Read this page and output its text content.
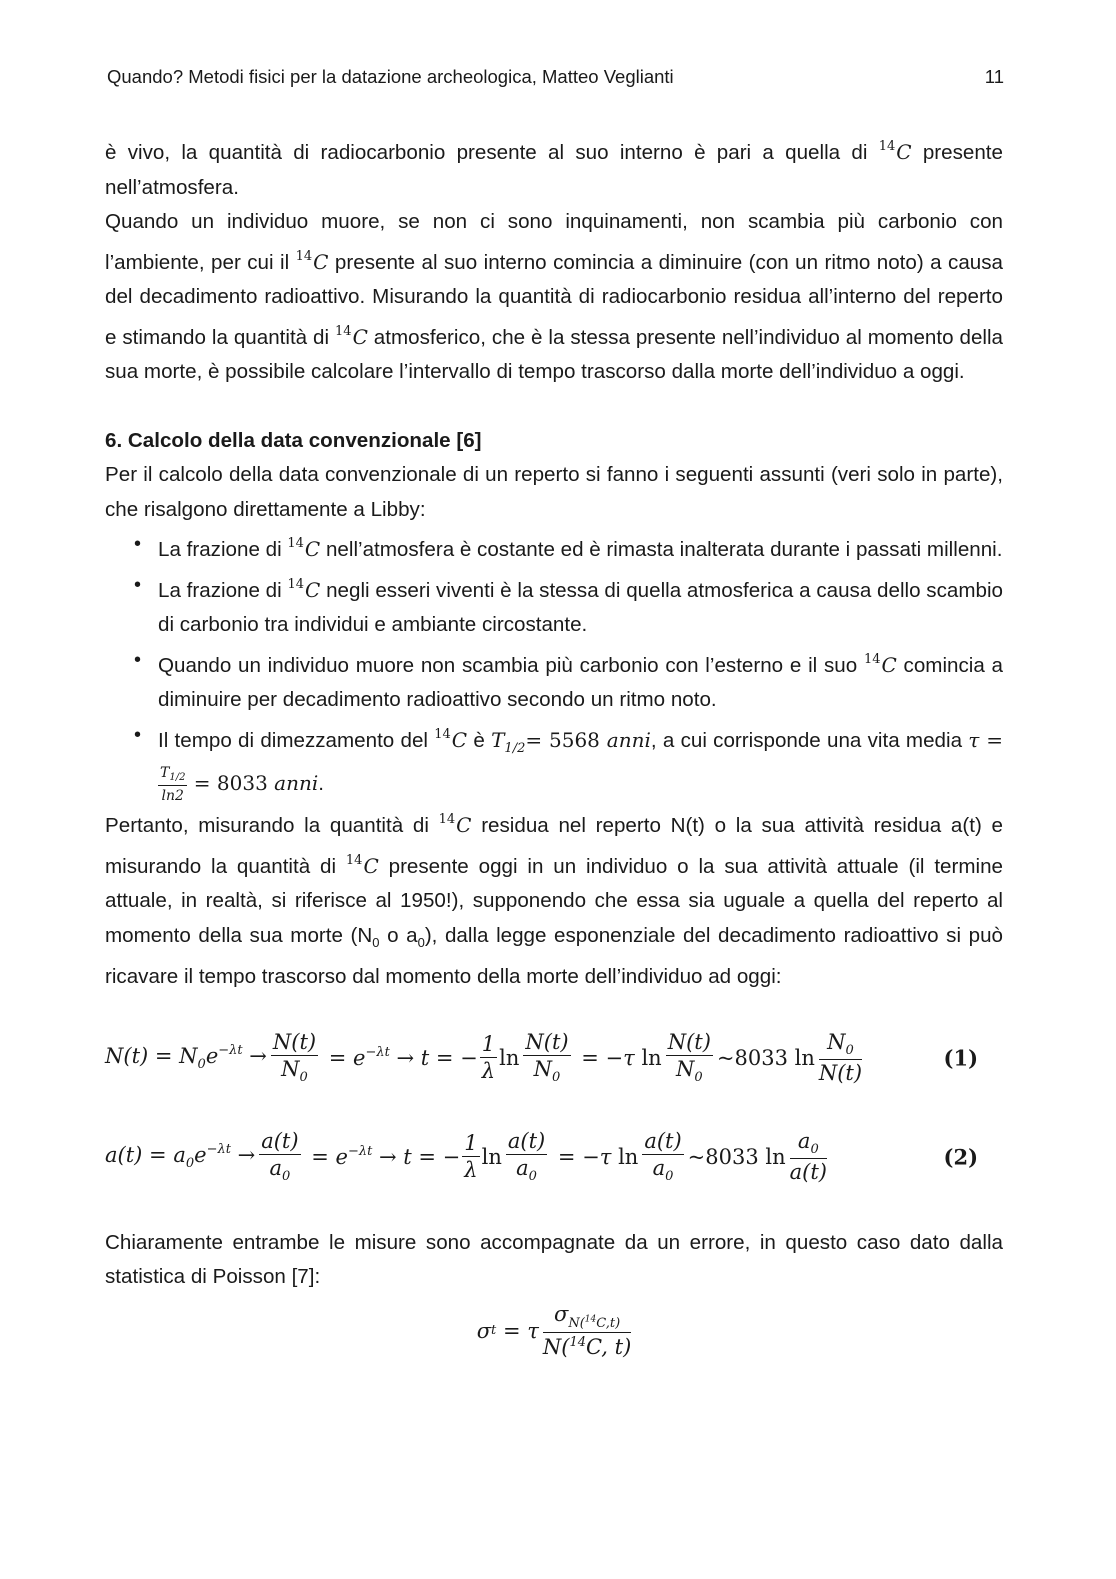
Quando? Metodi fisici per la datazione archeologica, Matteo Veglianti	11

è vivo, la quantità di radiocarbonio presente al suo interno è pari a quella di $^{14}$C presente nell’atmosfera.

Quando un individuo muore, se non ci sono inquinamenti, non scambia più carbonio con l’ambiente, per cui il $^{14}$C presente al suo interno comincia a diminuire (con un ritmo noto) a causa del decadimento radioattivo. Misurando la quantità di radiocarbonio residua all’interno del reperto e stimando la quantità di $^{14}$C atmosferico, che è la stessa presente nell’individuo al momento della sua morte, è possibile calcolare l’intervallo di tempo trascorso dalla morte dell’individuo a oggi.

6. Calcolo della data convenzionale [6]

Per il calcolo della data convenzionale di un reperto si fanno i seguenti assunti (veri solo in parte), che risalgono direttamente a Libby:

• La frazione di $^{14}$C nell’atmosfera è costante ed è rimasta inalterata durante i passati millenni.
• La frazione di $^{14}$C negli esseri viventi è la stessa di quella atmosferica a causa dello scambio di carbonio tra individui e ambiante circostante.
• Quando un individuo muore non scambia più carbonio con l’esterno e il suo $^{14}$C comincia a diminuire per decadimento radioattivo secondo un ritmo noto.
• Il tempo di dimezzamento del $^{14}$C è $T_{1/2}= 5568$ anni, a cui corrisponde una vita media τ =
$\frac{T_{1/2}}{\ln 2} = 8033$ anni.

Pertanto, misurando la quantità di $^{14}$C residua nel reperto N(t) o la sua attività residua a(t) e misurando la quantità di $^{14}$C presente oggi in un individuo o la sua attività attuale (il termine attuale, in realtà, si riferisce al 1950!), supponendo che essa sia uguale a quella del reperto al momento della sua morte ($N_0$ o $a_0$), dalla legge esponenziale del decadimento radioattivo si può ricavare il tempo trascorso dal momento della morte dell’individuo ad oggi:

$N(t) = N_0e^{-\lambda t} \to \frac{N(t)}{N_0} = e^{-\lambda t} \to t$ = − $\frac{1}{\lambda}$ $\ln \frac{N(t)}{N_0} = -\tau$ $\ln \frac{N(t)}{N_0}$ ~8033 $\ln \frac{N_0}{N(t)}$	(1)
$a(t) = a_0e^{-\lambda t} \to \frac{a(t)}{a_0} = e^{-\lambda t} \to t$ = − $\frac{1}{\lambda}$ $\ln \frac{a(t)}{a_0} = -\tau$ $\ln \frac{a(t)}{a_0}$ ~8033 $\ln \frac{a_0}{a(t)}$	(2)

Chiaramente entrambe le misure sono accompagnate da un errore, in questo caso dato dalla statistica di Poisson [7]:

σ t
= τ $\frac{\sigma_{N(^{14}C,t)}}{N(^{14}C, t)}$
